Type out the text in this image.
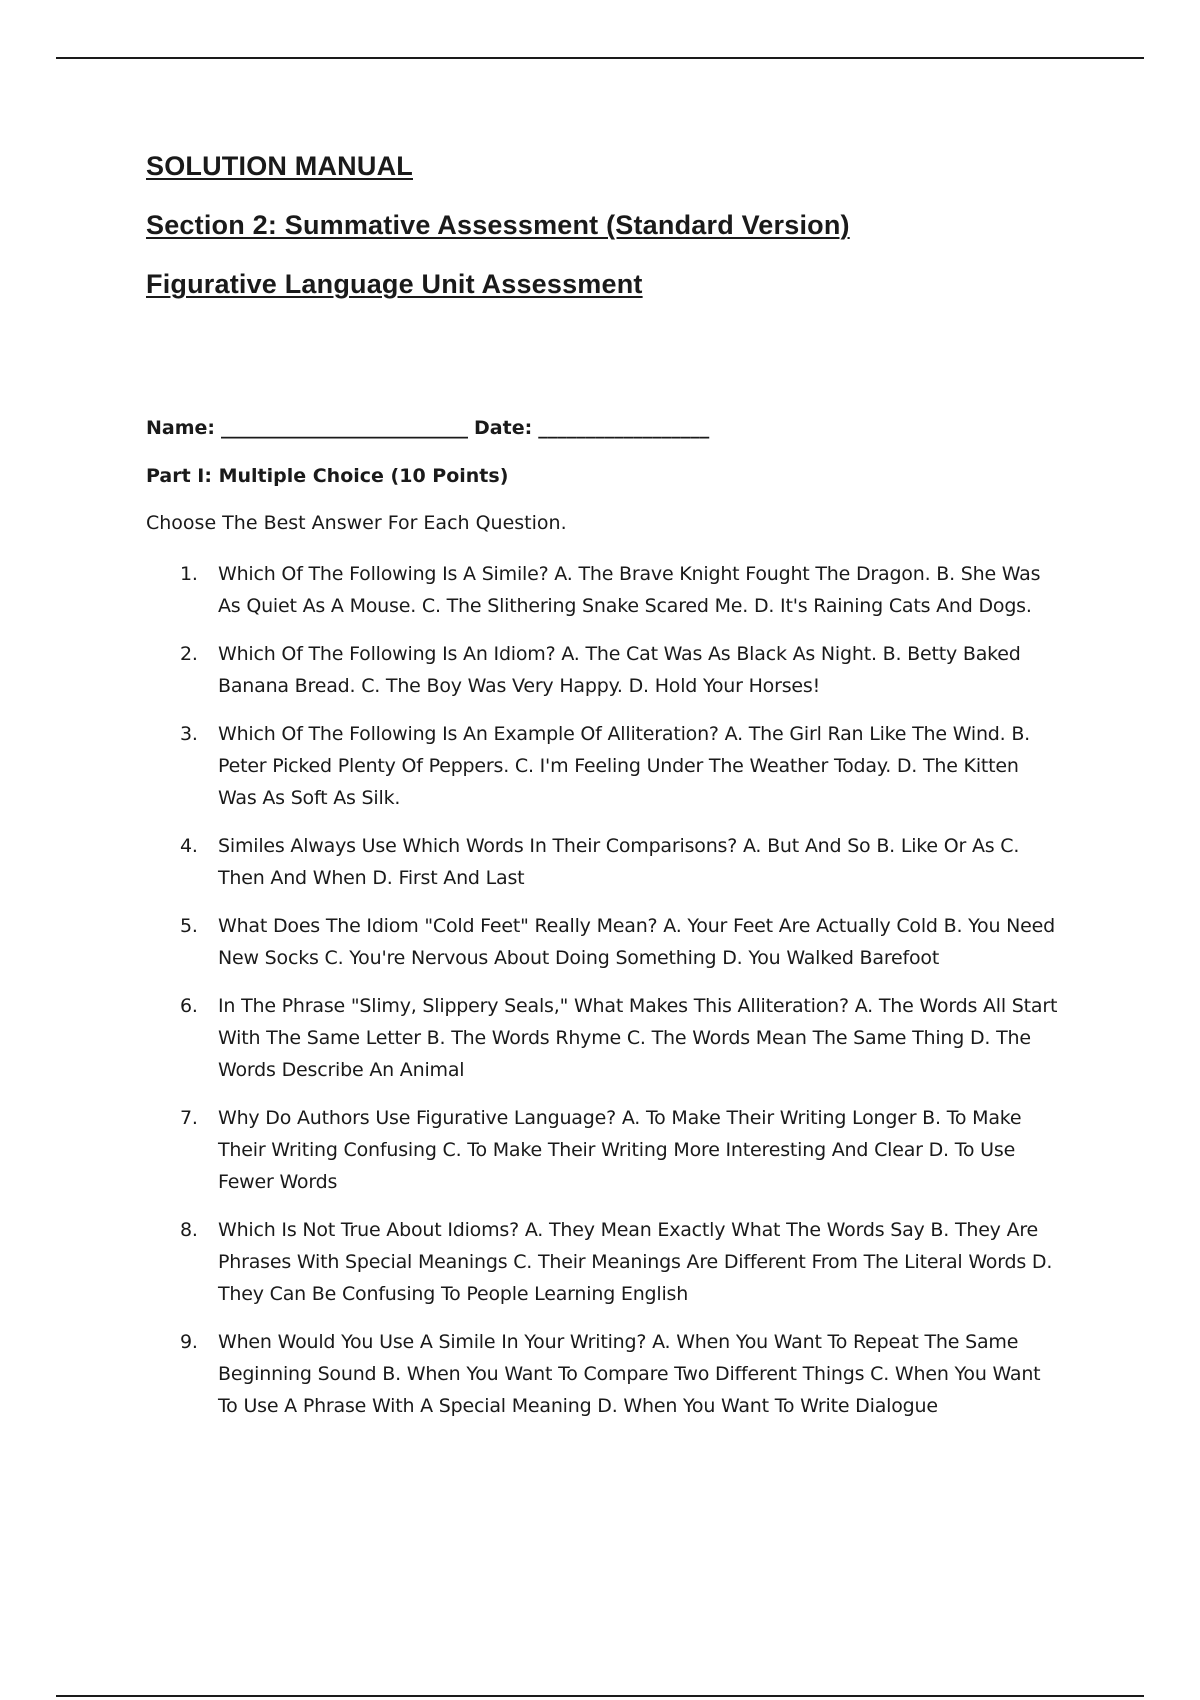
SOLUTION MANUAL
Section 2: Summative Assessment (Standard Version)
Figurative Language Unit Assessment
Name: __________________________ Date: __________________
Part I: Multiple Choice (10 Points)
Choose The Best Answer For Each Question.
1. Which Of The Following Is A Simile? A. The Brave Knight Fought The Dragon. B. She Was As Quiet As A Mouse. C. The Slithering Snake Scared Me. D. It's Raining Cats And Dogs.
2. Which Of The Following Is An Idiom? A. The Cat Was As Black As Night. B. Betty Baked Banana Bread. C. The Boy Was Very Happy. D. Hold Your Horses!
3. Which Of The Following Is An Example Of Alliteration? A. The Girl Ran Like The Wind. B. Peter Picked Plenty Of Peppers. C. I'm Feeling Under The Weather Today. D. The Kitten Was As Soft As Silk.
4. Similes Always Use Which Words In Their Comparisons? A. But And So B. Like Or As C. Then And When D. First And Last
5. What Does The Idiom "Cold Feet" Really Mean? A. Your Feet Are Actually Cold B. You Need New Socks C. You're Nervous About Doing Something D. You Walked Barefoot
6. In The Phrase "Slimy, Slippery Seals," What Makes This Alliteration? A. The Words All Start With The Same Letter B. The Words Rhyme C. The Words Mean The Same Thing D. The Words Describe An Animal
7. Why Do Authors Use Figurative Language? A. To Make Their Writing Longer B. To Make Their Writing Confusing C. To Make Their Writing More Interesting And Clear D. To Use Fewer Words
8. Which Is Not True About Idioms? A. They Mean Exactly What The Words Say B. They Are Phrases With Special Meanings C. Their Meanings Are Different From The Literal Words D. They Can Be Confusing To People Learning English
9. When Would You Use A Simile In Your Writing? A. When You Want To Repeat The Same Beginning Sound B. When You Want To Compare Two Different Things C. When You Want To Use A Phrase With A Special Meaning D. When You Want To Write Dialogue
